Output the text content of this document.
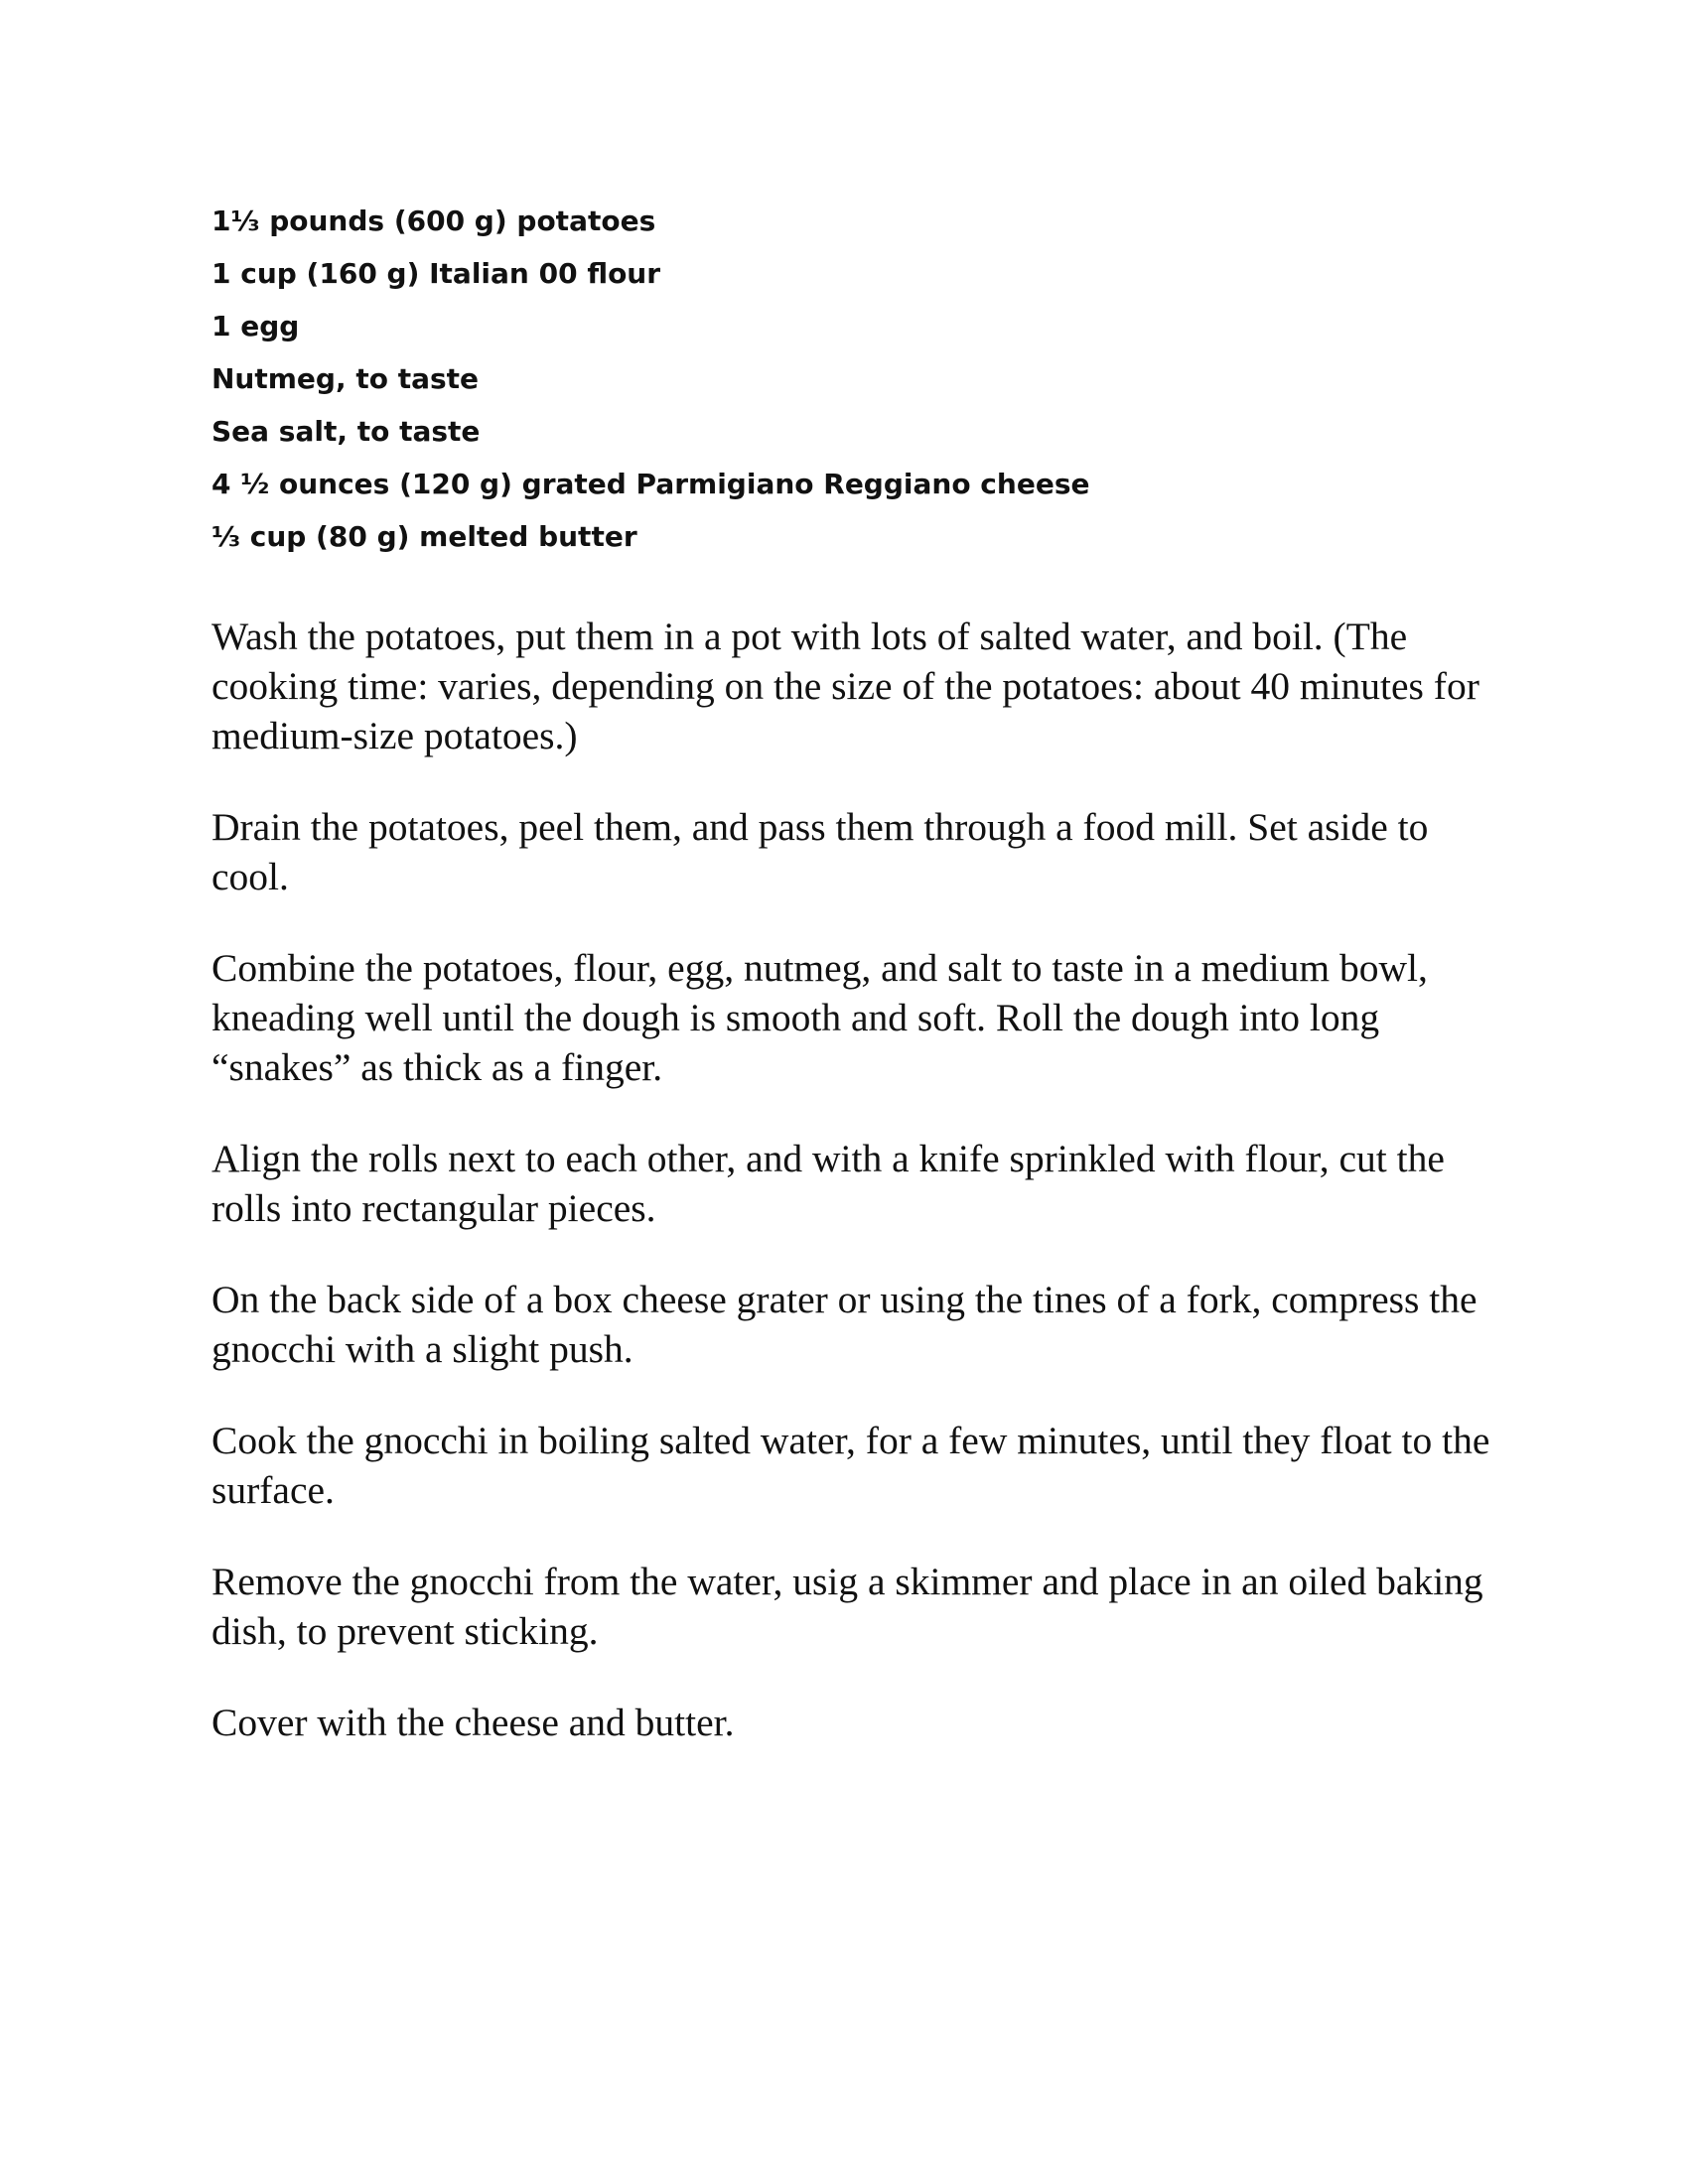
1⅓ pounds (600 g) potatoes
1 cup (160 g) Italian 00 flour
1 egg
Nutmeg, to taste
Sea salt, to taste
4 ½ ounces (120 g) grated Parmigiano Reggiano cheese
⅓ cup (80 g) melted butter

Wash the potatoes, put them in a pot with lots of salted water, and boil. (The cooking time: varies, depending on the size of the potatoes: about 40 minutes for medium-size potatoes.)

Drain the potatoes, peel them, and pass them through a food mill. Set aside to cool.

Combine the potatoes, flour, egg, nutmeg, and salt to taste in a medium bowl, kneading well until the dough is smooth and soft. Roll the dough into long “snakes” as thick as a finger.

Align the rolls next to each other, and with a knife sprinkled with flour, cut the rolls into rectangular pieces.

On the back side of a box cheese grater or using the tines of a fork, compress the gnocchi with a slight push.

Cook the gnocchi in boiling salted water, for a few minutes, until they float to the surface.

Remove the gnocchi from the water, usig a skimmer and place in an oiled baking dish, to prevent sticking.

Cover with the cheese and butter.
